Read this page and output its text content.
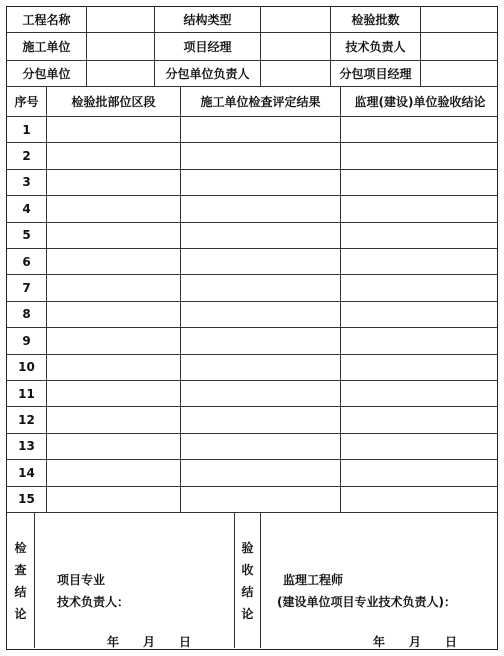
工程名称	结构类型	检验批数
施工单位	项目经理	技术负责人
分包单位	分包单位负责人	分包项目经理
序号	检验批部位区段	施工单位检查评定结果	监理(建设)单位验收结论
1
2
3
4
5
6
7
8
9
10
11
12
13
14
15
检
查
结
论
验
收
结
论
项目专业
技术负责人：
年　　月　　日
监理工程师
(建设单位项目专业技术负责人)：
年　　月　　日
